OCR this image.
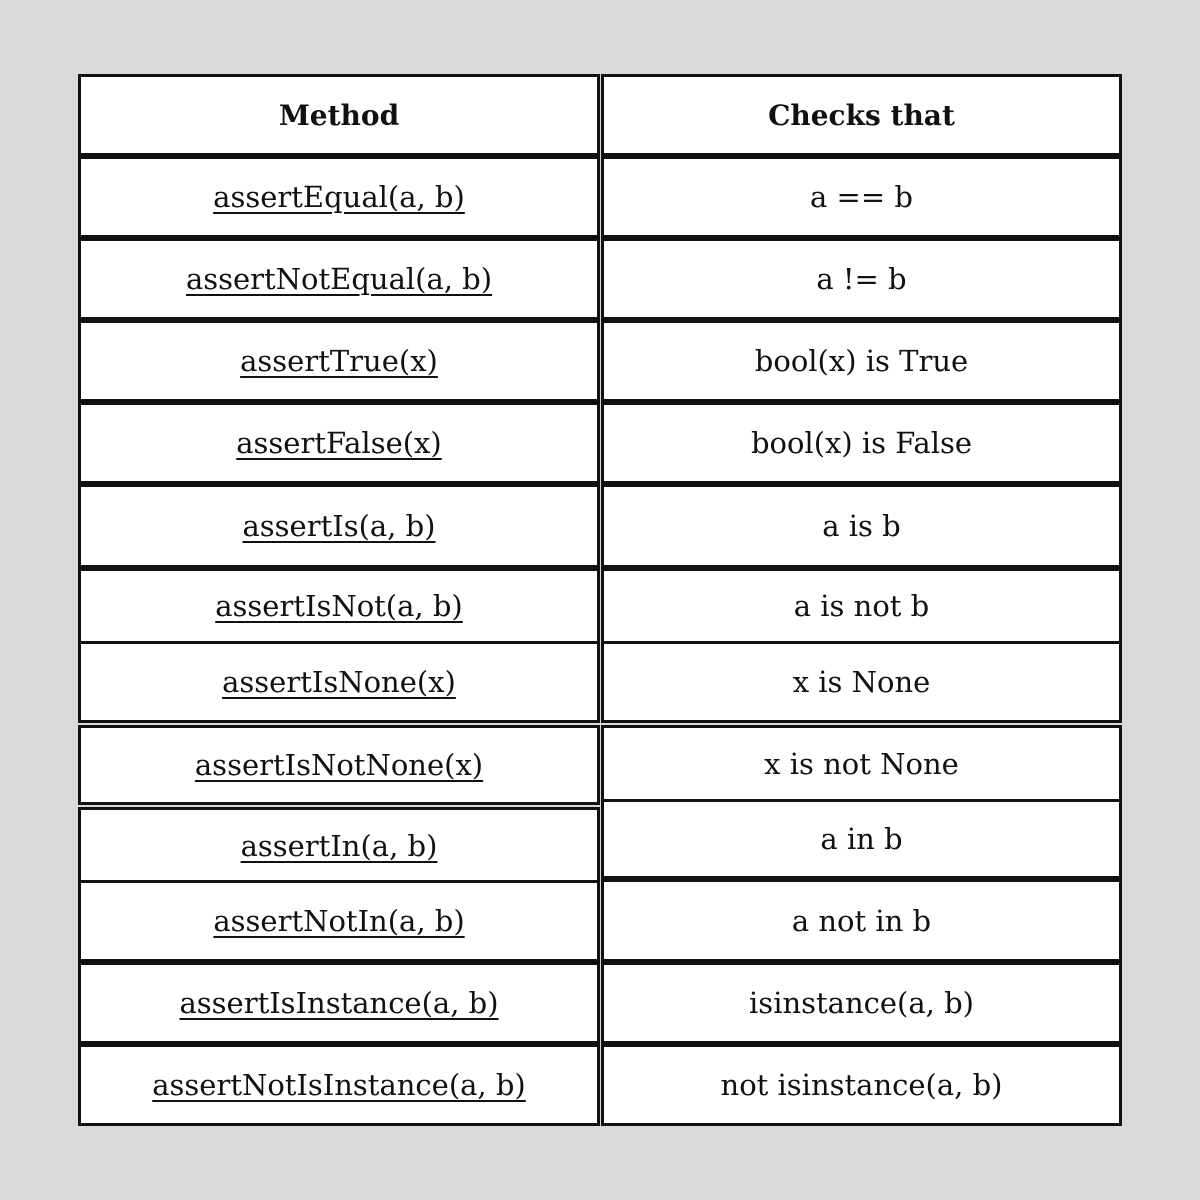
Method	Checks that
assertEqual(a, b)	a == b
assertNotEqual(a, b)	a != b
assertTrue(x)	bool(x) is True
assertFalse(x)	bool(x) is False
assertIs(a, b)	a is b
assertIsNot(a, b)	a is not b
assertIsNone(x)	x is None
assertIsNotNone(x)	x is not None
assertIn(a, b)	a in b
assertNotIn(a, b)	a not in b
assertIsInstance(a, b)	isinstance(a, b)
assertNotIsInstance(a, b)	not isinstance(a, b)
